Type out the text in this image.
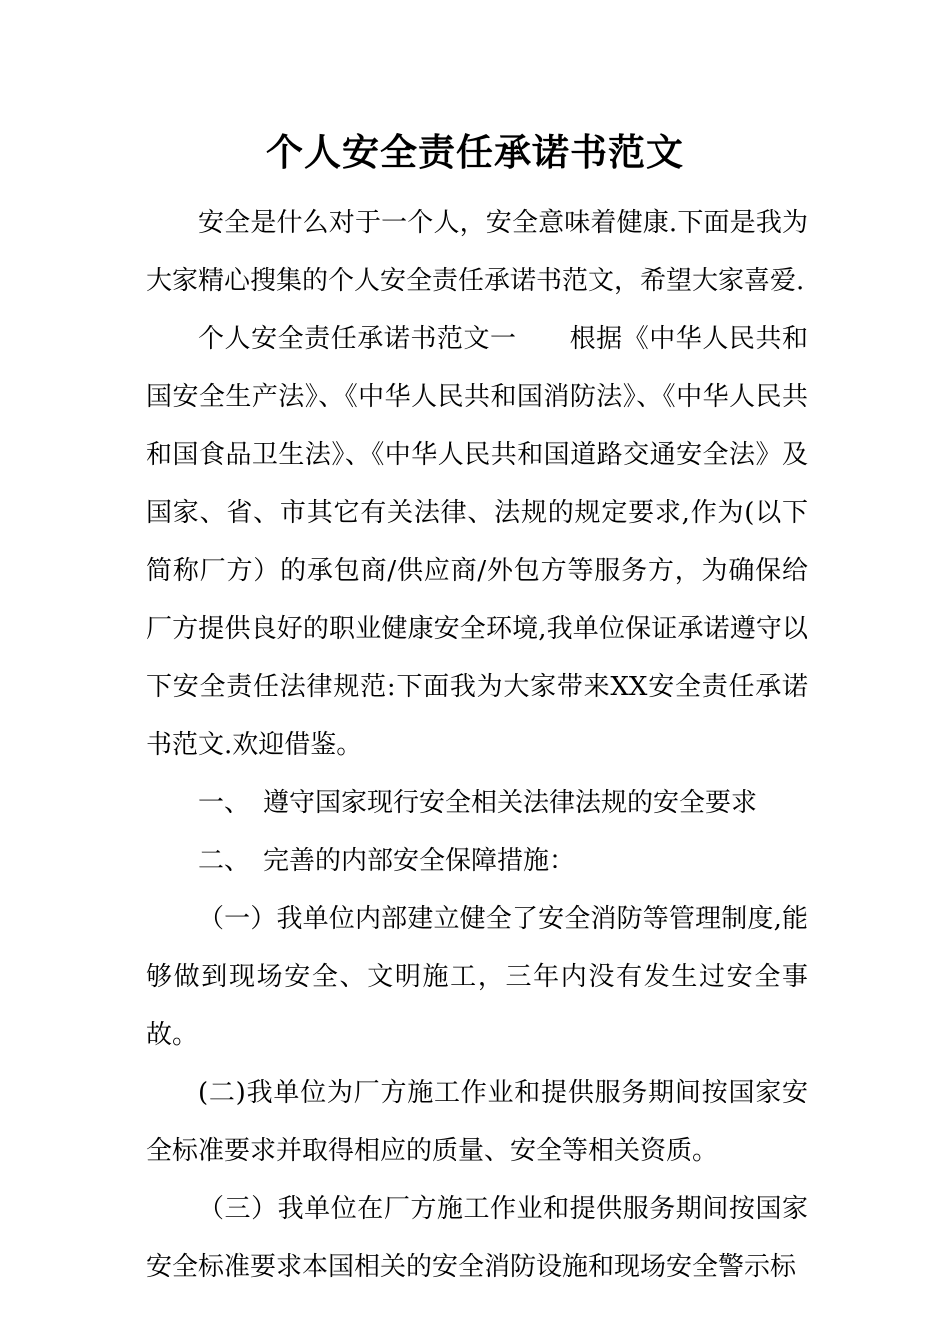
个人安全责任承诺书范文

安全是什么对于一个人，安全意味着健康.下面是我为大家精心搜集的个人安全责任承诺书范文，希望大家喜爱.

个人安全责任承诺书范文一　　根据《中华人民共和国安全生产法》、《中华人民共和国消防法》、《中华人民共和国食品卫生法》、《中华人民共和国道路交通安全法》及国家、省、市其它有关法律、法规的规定要求,作为(以下简称厂方）的承包商/供应商/外包方等服务方，为确保给厂方提供良好的职业健康安全环境,我单位保证承诺遵守以下安全责任法律规范:下面我为大家带来XX安全责任承诺书范文.欢迎借鉴。

一、　遵守国家现行安全相关法律法规的安全要求

二、　完善的内部安全保障措施：

（一）我单位内部建立健全了安全消防等管理制度,能够做到现场安全、文明施工，三年内没有发生过安全事故。

(二)我单位为厂方施工作业和提供服务期间按国家安全标准要求并取得相应的质量、安全等相关资质。

（三）我单位在厂方施工作业和提供服务期间按国家安全标准要求本国相关的安全消防设施和现场安全警示标
